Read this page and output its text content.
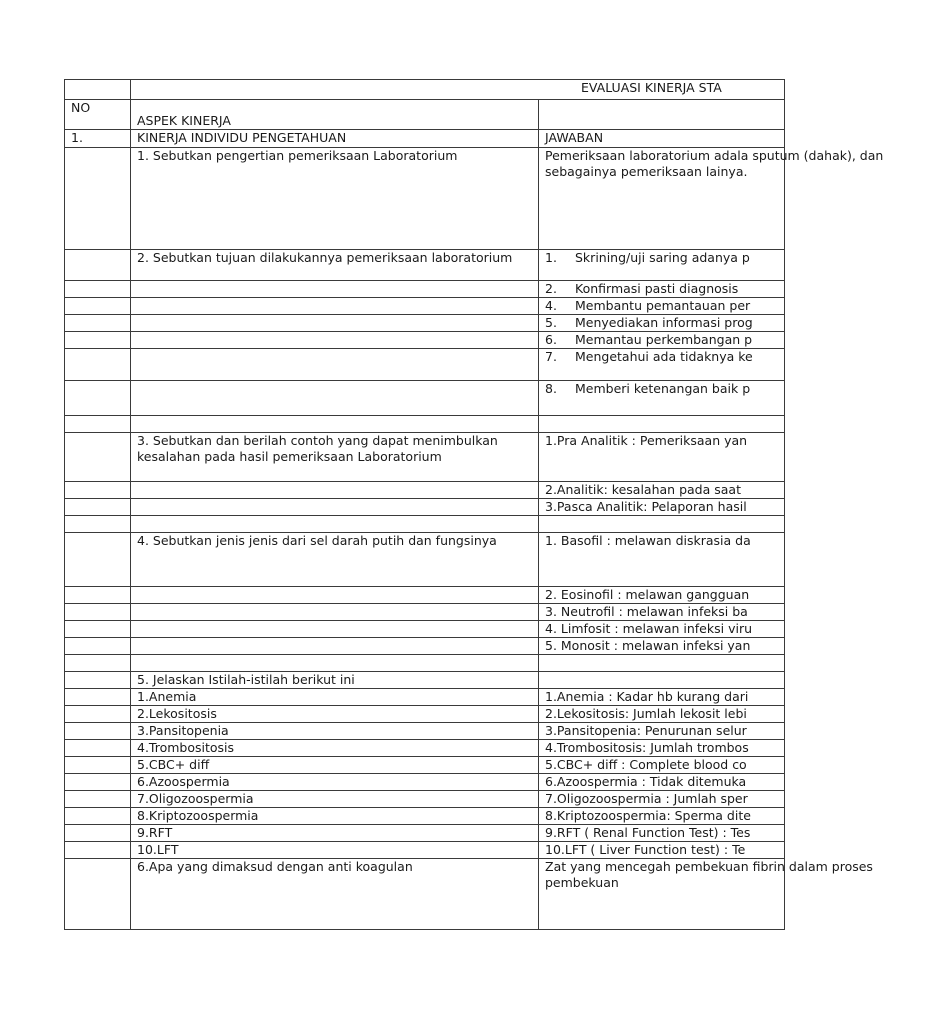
	EVALUASI KINERJA STA	
NO	ASPEK KINERJA	
1.	KINERJA INDIVIDU PENGETAHUAN	JAWABAN
	1. Sebutkan pengertian pemeriksaan Laboratorium	Pemeriksaan laboratorium adala sputum (dahak), dan sebagainya pemeriksaan lainya.

	2. Sebutkan tujuan dilakukannya pemeriksaan laboratorium	1. Skrining/uji saring adanya p
		2. Konfirmasi pasti diagnosis
		4. Membantu pemantauan per
		5. Menyediakan informasi prog
		6. Memantau perkembangan p
		7. Mengetahui ada tidaknya ke
		8. Memberi ketenangan baik p

	3. Sebutkan dan berilah contoh yang dapat menimbulkan kesalahan pada hasil pemeriksaan Laboratorium	1.Pra Analitik : Pemeriksaan yan
		2.Analitik: kesalahan pada saat
		3.Pasca Analitik: Pelaporan hasil

	4. Sebutkan jenis jenis dari sel darah putih dan fungsinya	1. Basofil : melawan diskrasia da
		2. Eosinofil : melawan gangguan
		3. Neutrofil : melawan infeksi ba
		4. Limfosit : melawan infeksi viru
		5. Monosit : melawan infeksi yan

	5. Jelaskan Istilah-istilah berikut ini	
	1.Anemia	1.Anemia : Kadar hb kurang dari
	2.Lekositosis	2.Lekositosis: Jumlah lekosit lebi
	3.Pansitopenia	3.Pansitopenia: Penurunan selur
	4.Trombositosis	4.Trombositosis: Jumlah trombos
	5.CBC+ diff	5.CBC+ diff : Complete blood co
	6.Azoospermia	6.Azoospermia : Tidak ditemuka
	7.Oligozoospermia	7.Oligozoospermia : Jumlah sper
	8.Kriptozoospermia	8.Kriptozoospermia: Sperma dite
	9.RFT	9.RFT ( Renal Function Test) : Tes
	10.LFT	10.LFT ( Liver Function test) : Te
	6.Apa yang dimaksud dengan anti koagulan	Zat yang mencegah pembekuan fibrin dalam proses pembekuan
